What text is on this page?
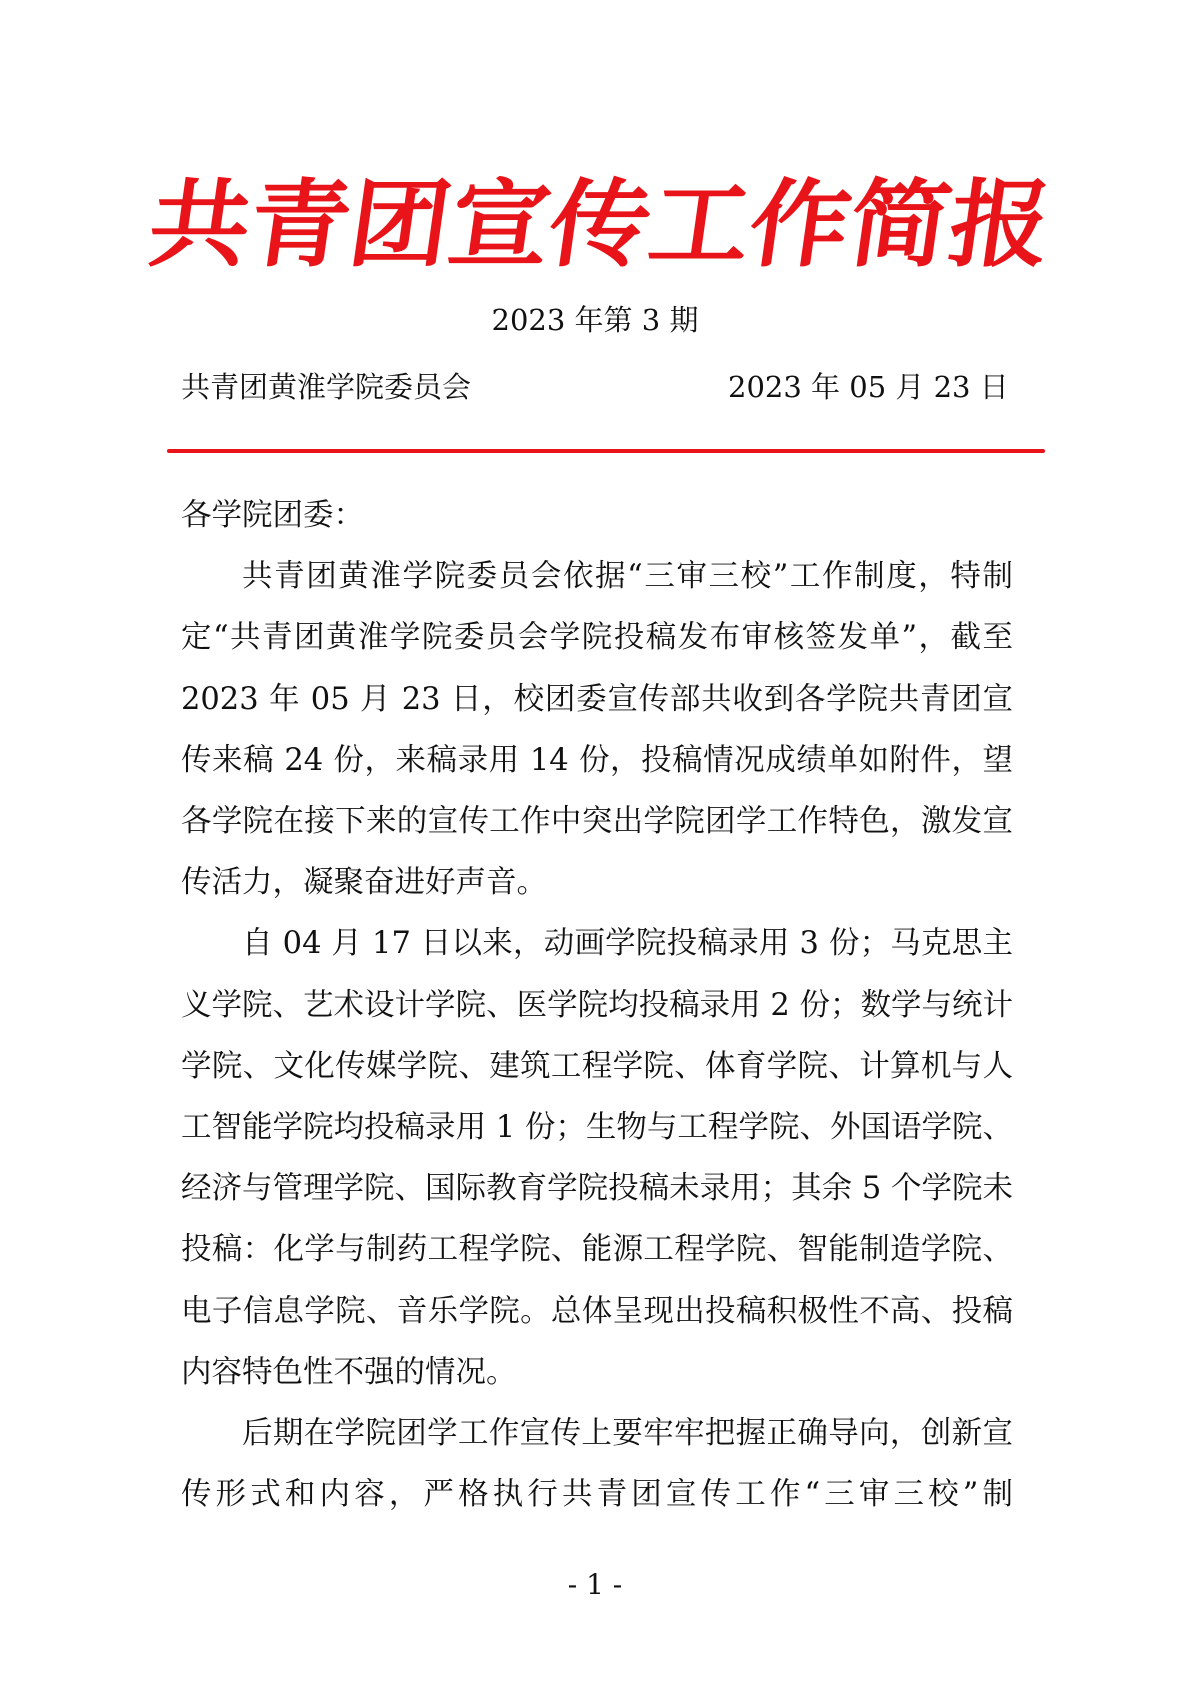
共
青
团
宣
传
工
作
简
报
2023 年第 3 期
共青团黄淮学院委员会	2023 年 05 月 23 日

各学院团委：

共青团黄淮学院委员会依据“三审三校”工作制度，特制定“共青团黄淮学院委员会学院投稿发布审核签发单”，截至 2023 年 05 月 23 日，校团委宣传部共收到各学院共青团宣传来稿 24 份，来稿录用 14 份，投稿情况成绩单如附件，望各学院在接下来的宣传工作中突出学院团学工作特色，激发宣传活力，凝聚奋进好声音。

自 04 月 17 日以来，动画学院投稿录用 3 份；马克思主义学院、艺术设计学院、医学院均投稿录用 2 份；数学与统计学院、文化传媒学院、建筑工程学院、体育学院、计算机与人工智能学院均投稿录用 1 份；生物与工程学院、外国语学院、经济与管理学院、国际教育学院投稿未录用；其余 5 个学院未投稿：化学与制药工程学院、能源工程学院、智能制造学院、电子信息学院、音乐学院。总体呈现出投稿积极性不高、投稿内容特色性不强的情况。

后期在学院团学工作宣传上要牢牢把握正确导向，创新宣传形式和内容，严格执行共青团宣传工作“三审三校”制

- 1 -
